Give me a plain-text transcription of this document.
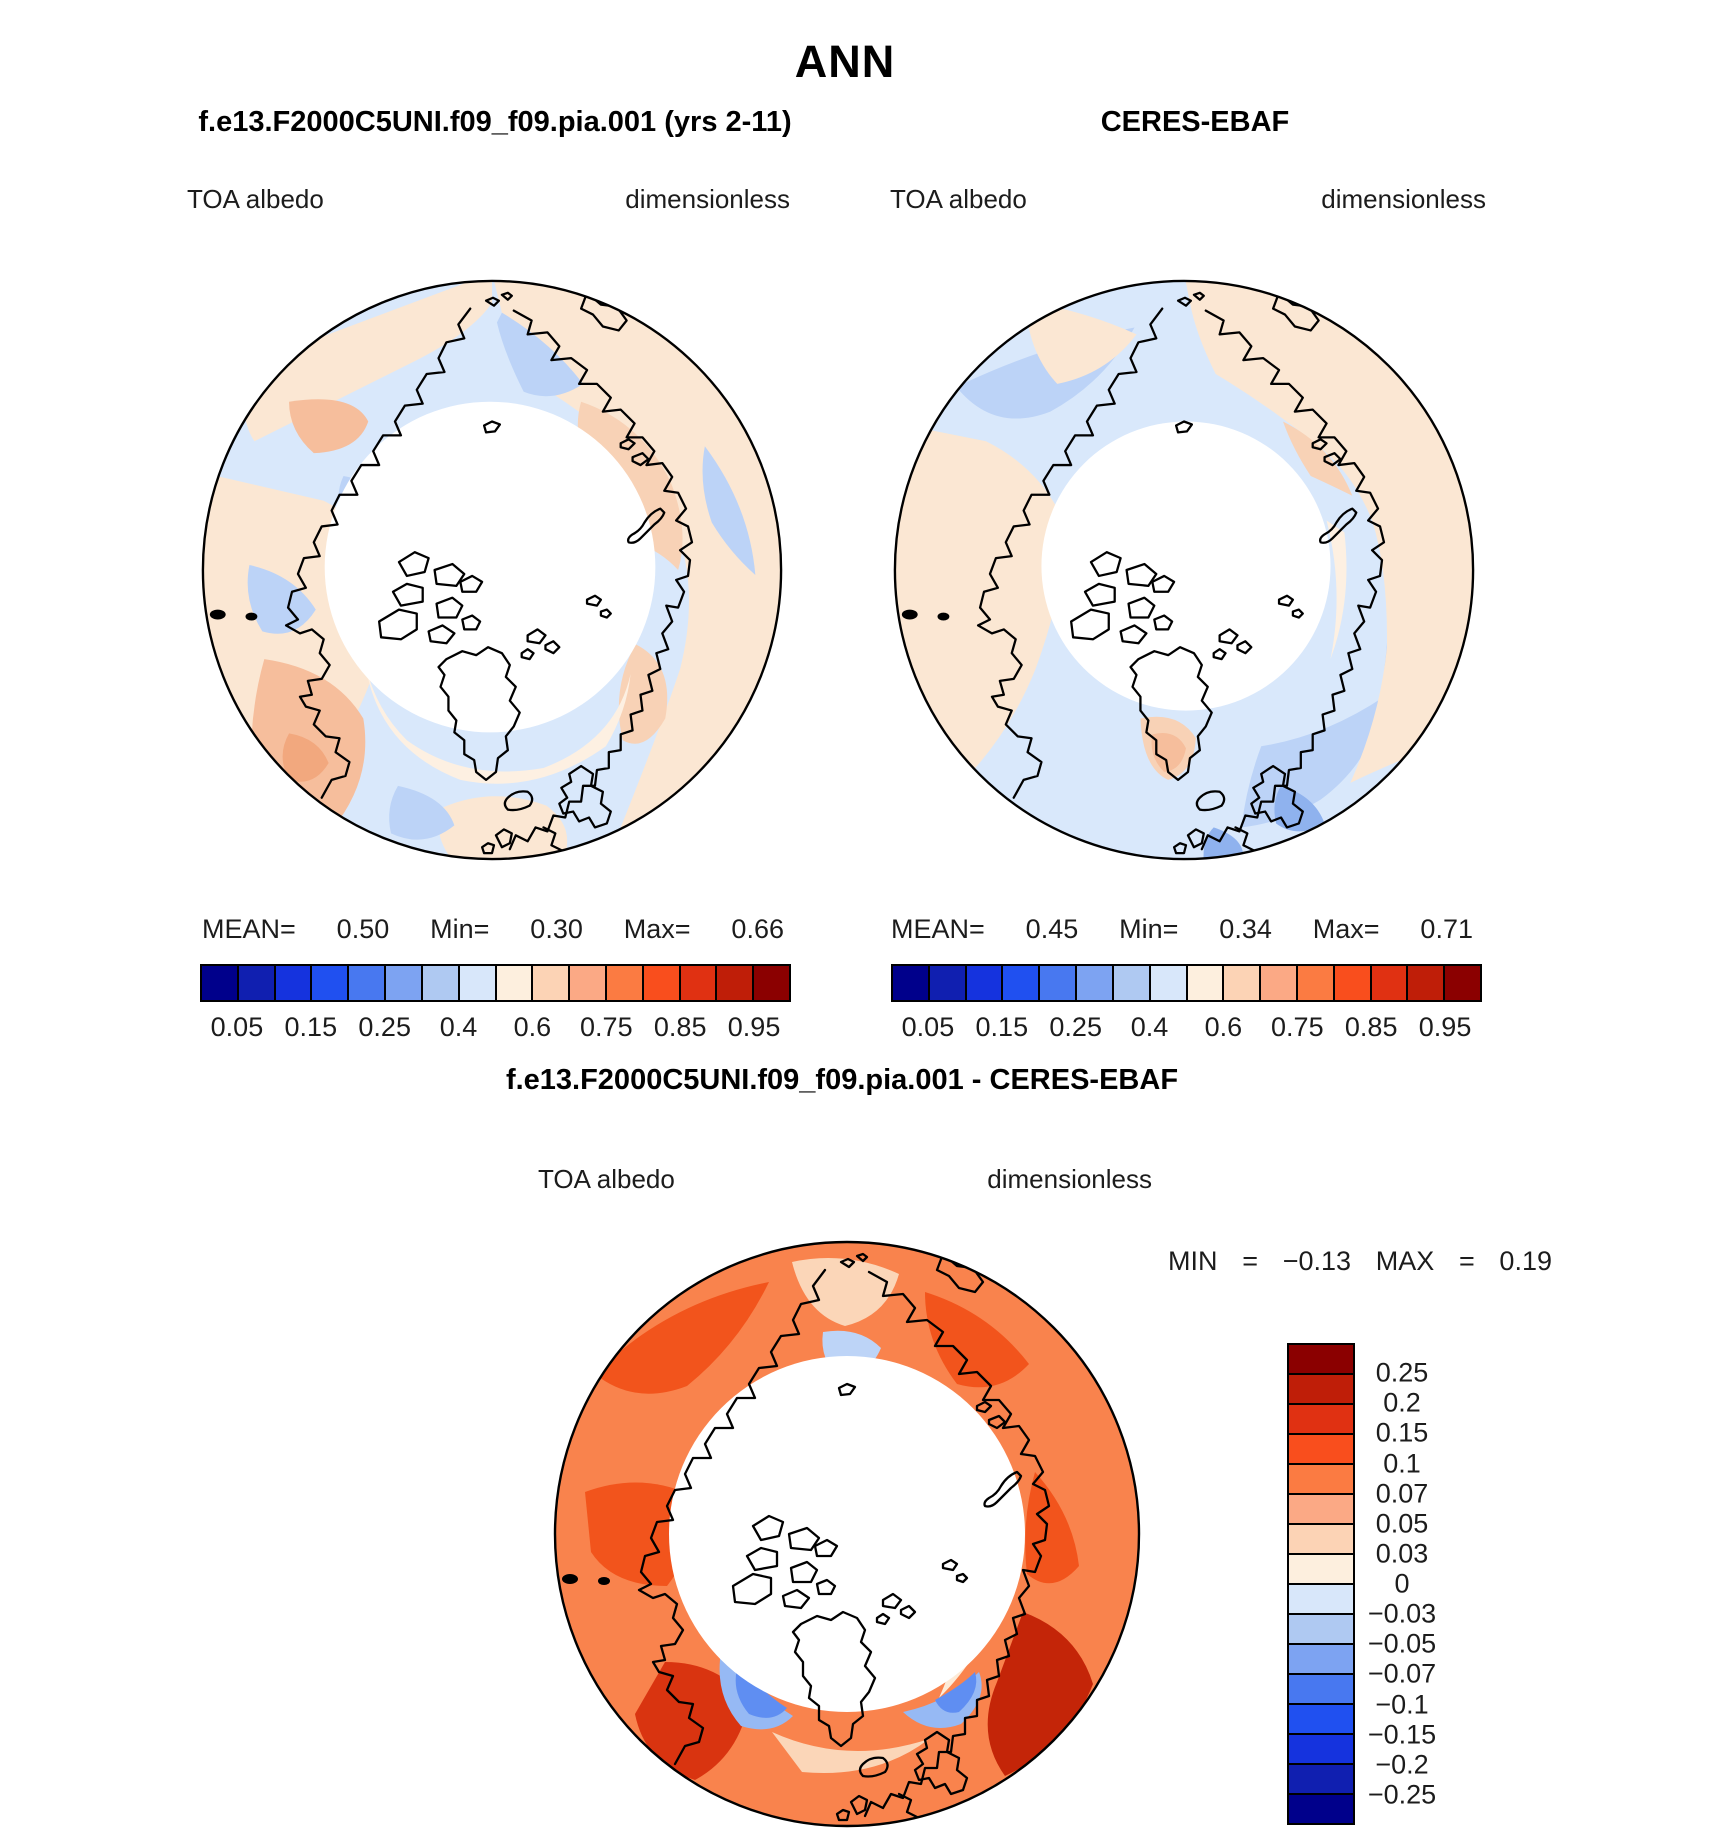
ANN
f.e13.F2000C5UNI.f09_f09.pia.001 (yrs 2-11)	CERES-EBAF
TOA albedo	dimensionless	TOA albedo	dimensionless
MEAN= 0.50 Min= 0.30 Max= 0.66	MEAN= 0.45 Min= 0.34 Max= 0.71
0.05 0.15 0.25 0.4 0.6 0.75 0.85 0.95	0.05 0.15 0.25 0.4 0.6 0.75 0.85 0.95
f.e13.F2000C5UNI.f09_f09.pia.001 - CERES-EBAF
TOA albedo	dimensionless
MIN = −0.13 MAX = 0.19
0.25
0.2
0.15
0.1
0.07
0.05
0.03
0
−0.03
−0.05
−0.07
−0.1
−0.15
−0.2
−0.25
